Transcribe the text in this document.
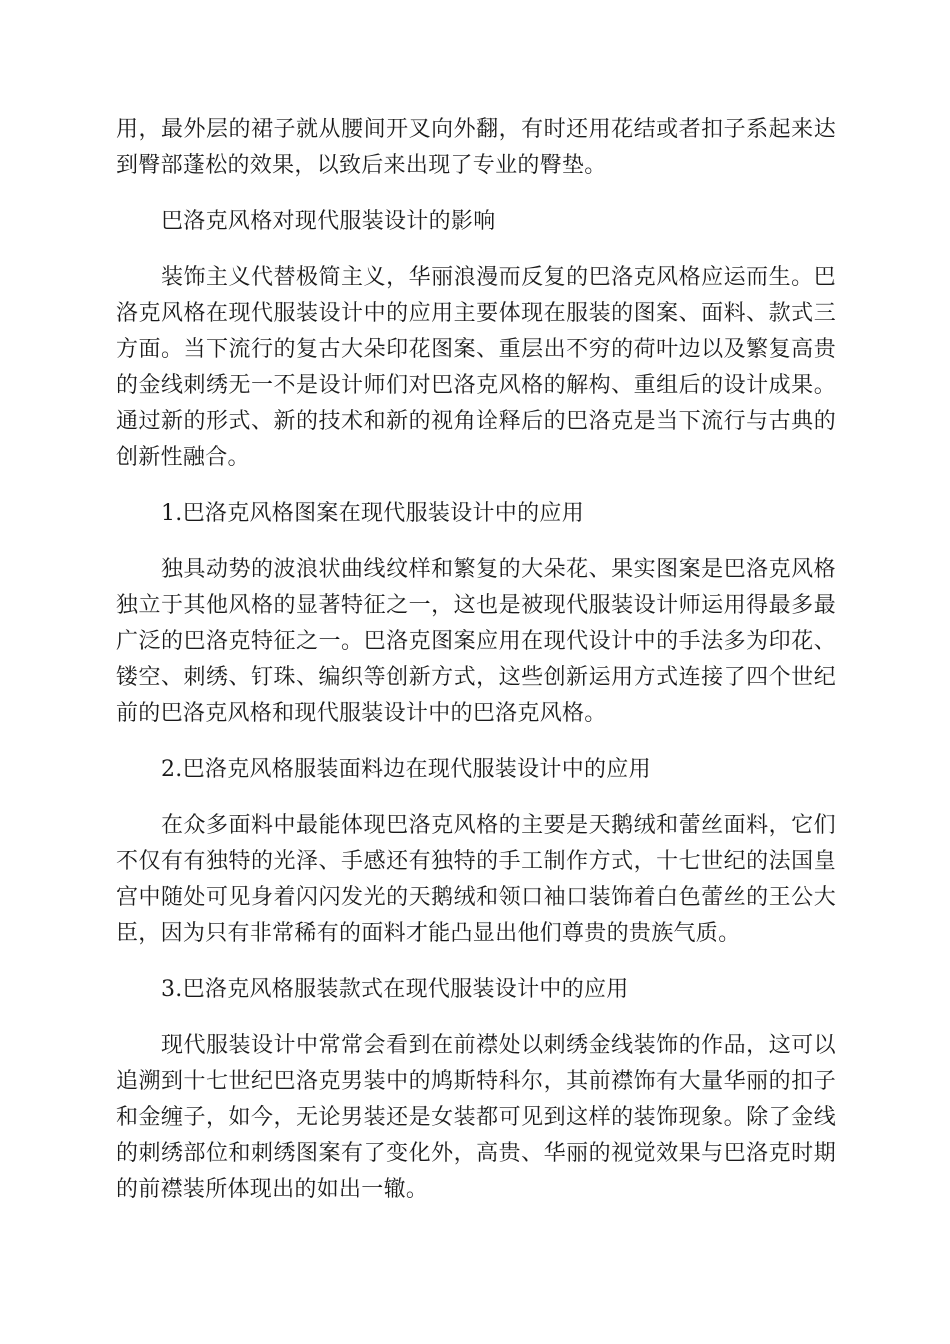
用，最外层的裙子就从腰间开叉向外翻，有时还用花结或者扣子系起来达到臀部蓬松的效果，以致后来出现了专业的臀垫。

巴洛克风格对现代服装设计的影响

装饰主义代替极简主义，华丽浪漫而反复的巴洛克风格应运而生。巴洛克风格在现代服装设计中的应用主要体现在服装的图案、面料、款式三方面。当下流行的复古大朵印花图案、重层出不穷的荷叶边以及繁复高贵的金线刺绣无一不是设计师们对巴洛克风格的解构、重组后的设计成果。通过新的形式、新的技术和新的视角诠释后的巴洛克是当下流行与古典的创新性融合。

1.巴洛克风格图案在现代服装设计中的应用

独具动势的波浪状曲线纹样和繁复的大朵花、果实图案是巴洛克风格独立于其他风格的显著特征之一，这也是被现代服装设计师运用得最多最广泛的巴洛克特征之一。巴洛克图案应用在现代设计中的手法多为印花、镂空、刺绣、钉珠、编织等创新方式，这些创新运用方式连接了四个世纪前的巴洛克风格和现代服装设计中的巴洛克风格。

2.巴洛克风格服装面料边在现代服装设计中的应用

在众多面料中最能体现巴洛克风格的主要是天鹅绒和蕾丝面料，它们不仅有有独特的光泽、手感还有独特的手工制作方式，十七世纪的法国皇宫中随处可见身着闪闪发光的天鹅绒和领口袖口装饰着白色蕾丝的王公大臣，因为只有非常稀有的面料才能凸显出他们尊贵的贵族气质。

3.巴洛克风格服装款式在现代服装设计中的应用

现代服装设计中常常会看到在前襟处以刺绣金线装饰的作品，这可以追溯到十七世纪巴洛克男装中的鸠斯特科尔，其前襟饰有大量华丽的扣子和金缠子，如今，无论男装还是女装都可见到这样的装饰现象。除了金线的刺绣部位和刺绣图案有了变化外，高贵、华丽的视觉效果与巴洛克时期的前襟装所体现出的如出一辙。
